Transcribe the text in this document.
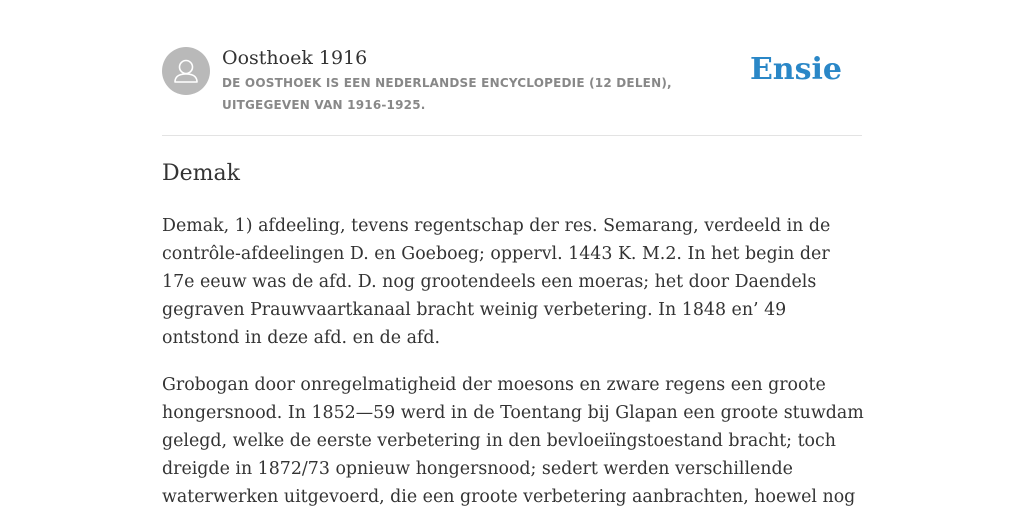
Oosthoek 1916
DE OOSTHOEK IS EEN NEDERLANDSE ENCYCLOPEDIE (12 DELEN), UITGEGEVEN VAN 1916-1925.
Ensie
Demak

Demak, 1) afdeeling, tevens regentschap der res. Semarang, verdeeld in de contrôle-afdeelingen D. en Goeboeg; oppervl. 1443 K. M.2. In het begin der 17e eeuw was de afd. D. nog grootendeels een moeras; het door Daendels gegraven Prauwvaartkanaal bracht weinig verbetering. In 1848 en’ 49 ontstond in deze afd. en de afd.

Grobogan door onregelmatigheid der moesons en zware regens een groote hongersnood. In 1852—59 werd in de Toentang bij Glapan een groote stuwdam gelegd, welke de eerste verbetering in den bevloeiïngstoestand bracht; toch dreigde in 1872/73 opnieuw hongersnood; sedert werden verschillende waterwerken uitgevoerd, die een groote verbetering aanbrachten, hoewel nog
